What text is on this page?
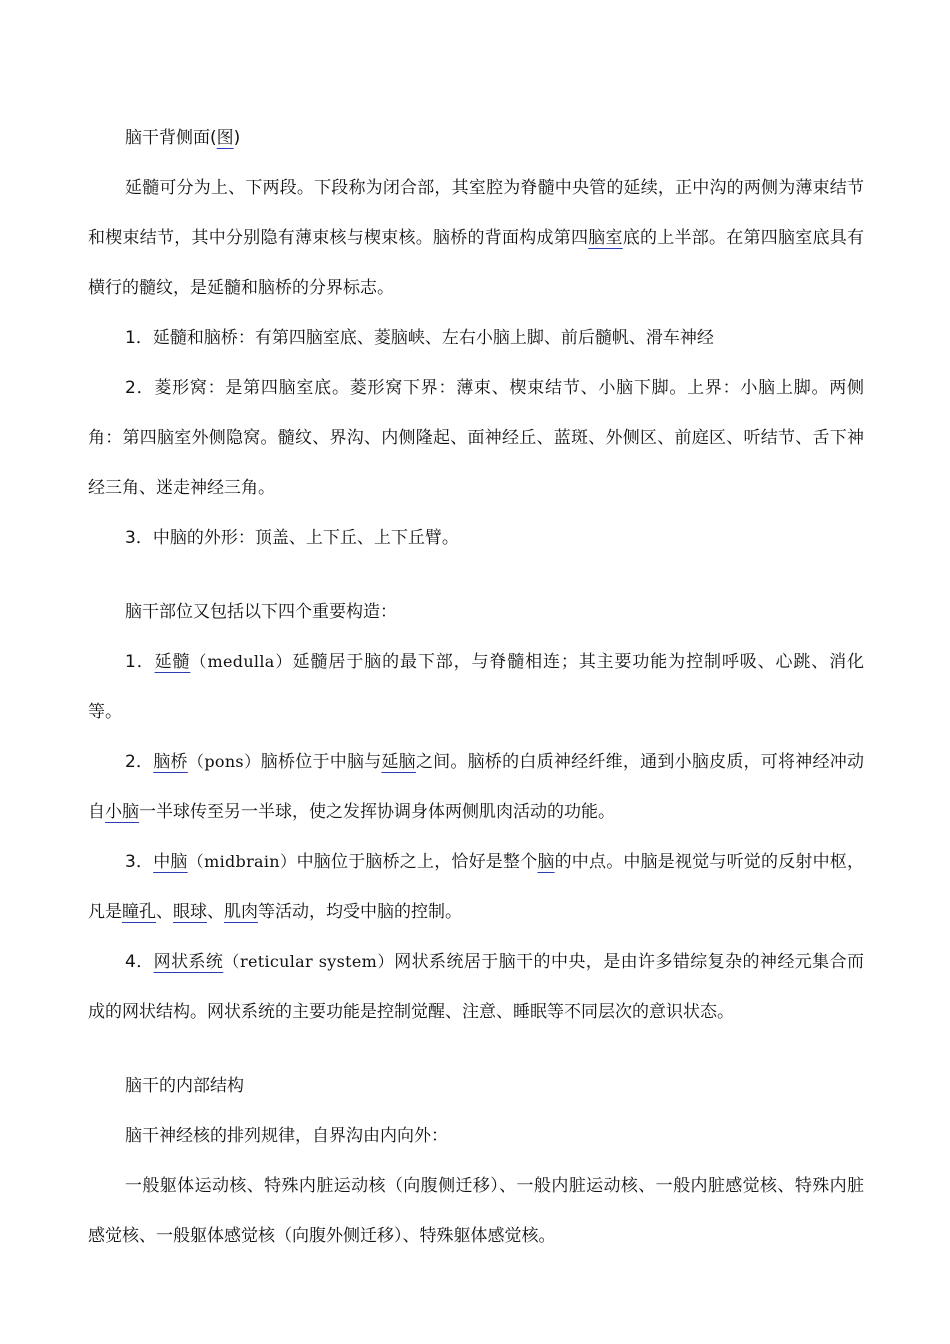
脑干背侧面(图)

延髓可分为上、下两段。下段称为闭合部，其室腔为脊髓中央管的延续，正中沟的两侧为薄束结节和楔束结节，其中分别隐有薄束核与楔束核。脑桥的背面构成第四脑室底的上半部。在第四脑室底具有横行的髓纹，是延髓和脑桥的分界标志。

1．延髓和脑桥：有第四脑室底、菱脑峡、左右小脑上脚、前后髓帆、滑车神经

2．菱形窝：是第四脑室底。菱形窝下界：薄束、楔束结节、小脑下脚。上界：小脑上脚。两侧角：第四脑室外侧隐窝。髓纹、界沟、内侧隆起、面神经丘、蓝斑、外侧区、前庭区、听结节、舌下神经三角、迷走神经三角。

3．中脑的外形：顶盖、上下丘、上下丘臂。

脑干部位又包括以下四个重要构造：

1．延髓（medulla）延髓居于脑的最下部，与脊髓相连；其主要功能为控制呼吸、心跳、消化等。

2．脑桥（pons）脑桥位于中脑与延脑之间。脑桥的白质神经纤维，通到小脑皮质，可将神经冲动自小脑一半球传至另一半球，使之发挥协调身体两侧肌肉活动的功能。

3．中脑（midbrain）中脑位于脑桥之上，恰好是整个脑的中点。中脑是视觉与听觉的反射中枢，凡是瞳孔、眼球、肌肉等活动，均受中脑的控制。

4．网状系统（reticular system）网状系统居于脑干的中央，是由许多错综复杂的神经元集合而成的网状结构。网状系统的主要功能是控制觉醒、注意、睡眠等不同层次的意识状态。

脑干的内部结构

脑干神经核的排列规律，自界沟由内向外：

一般躯体运动核、特殊内脏运动核（向腹侧迁移）、一般内脏运动核、一般内脏感觉核、特殊内脏感觉核、一般躯体感觉核（向腹外侧迁移）、特殊躯体感觉核。
